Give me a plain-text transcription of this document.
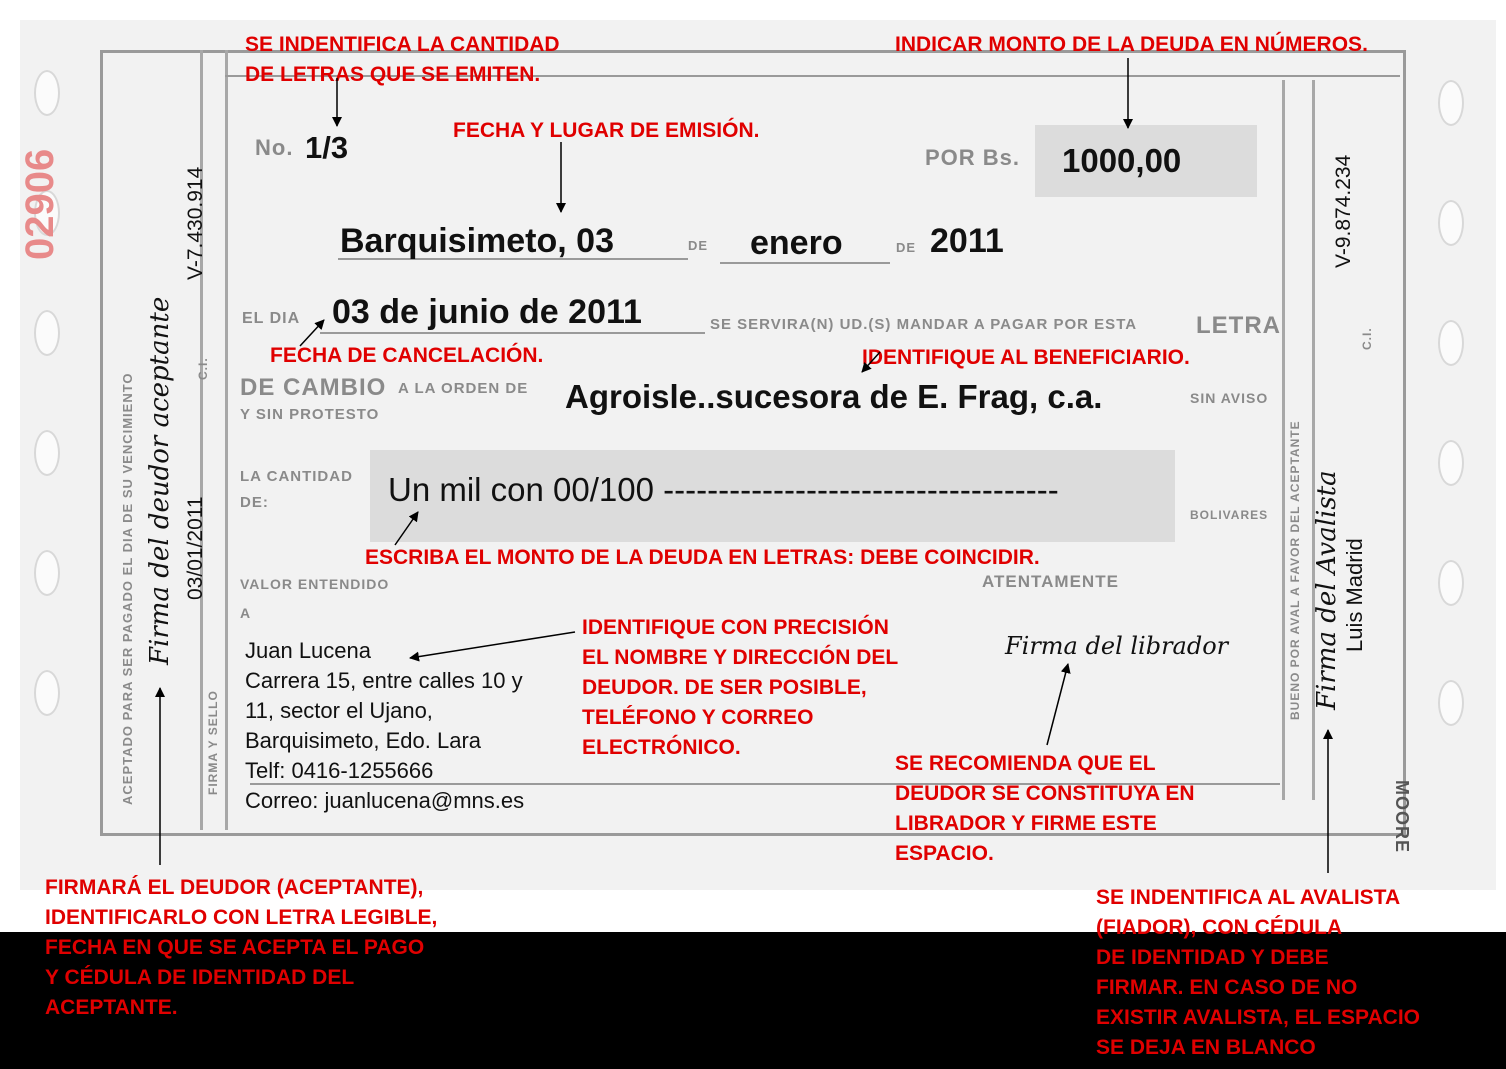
02906
MOORE
ACEPTADO PARA SER PAGADO EL DIA DE SU VENCIMIENTO	FIRMA Y SELLO
C.I.
BUENO POR AVAL A FAVOR DEL ACEPTANTE
C.I.
No.	POR Bs.
DE	DE
EL DIA	SE SERVIRA(N) UD.(S) MANDAR A PAGAR POR ESTA LETRA
DE CAMBIO A LA ORDEN DE
Y SIN PROTESTO
SIN AVISO
LA CANTIDAD
DE:
BOLIVARES
VALOR ENTENDIDO
A
ATENTAMENTE
1/3	1000,00
Barquisimeto, 03	enero	2011
03 de junio de 2011
Agroisle..sucesora de E. Frag, c.a.
Un mil con 00/100 ------------------------------------
Juan Lucena
Carrera 15, entre calles 10 y
11, sector el Ujano,
Barquisimeto, Edo. Lara
Telf: 0416-1255666
Correo: juanlucena@mns.es
V-7.430.914
03/01/2011
Firma del deudor aceptante
V-9.874.234
Luis Madrid
Firma del Avalista
Firma del librador
SE INDENTIFICA LA CANTIDAD
DE LETRAS QUE SE EMITEN.
INDICAR MONTO DE LA DEUDA EN NÚMEROS.
FECHA Y LUGAR DE EMISIÓN.
FECHA DE CANCELACIÓN.	IDENTIFIQUE AL BENEFICIARIO.
ESCRIBA EL MONTO DE LA DEUDA EN LETRAS: DEBE COINCIDIR.
IDENTIFIQUE CON PRECISIÓN
EL NOMBRE Y DIRECCIÓN DEL
DEUDOR. DE SER POSIBLE,
TELÉFONO Y CORREO
ELECTRÓNICO.
SE RECOMIENDA QUE EL
DEUDOR SE CONSTITUYA EN
LIBRADOR Y FIRME ESTE
ESPACIO.
FIRMARÁ EL DEUDOR (ACEPTANTE),
IDENTIFICARLO CON LETRA LEGIBLE,
FECHA EN QUE SE ACEPTA EL PAGO
Y CÉDULA DE IDENTIDAD DEL
ACEPTANTE.
SE INDENTIFICA AL AVALISTA
(FIADOR), CON CÉDULA
DE IDENTIDAD Y DEBE
FIRMAR. EN CASO DE NO
EXISTIR AVALISTA, EL ESPACIO
SE DEJA EN BLANCO
